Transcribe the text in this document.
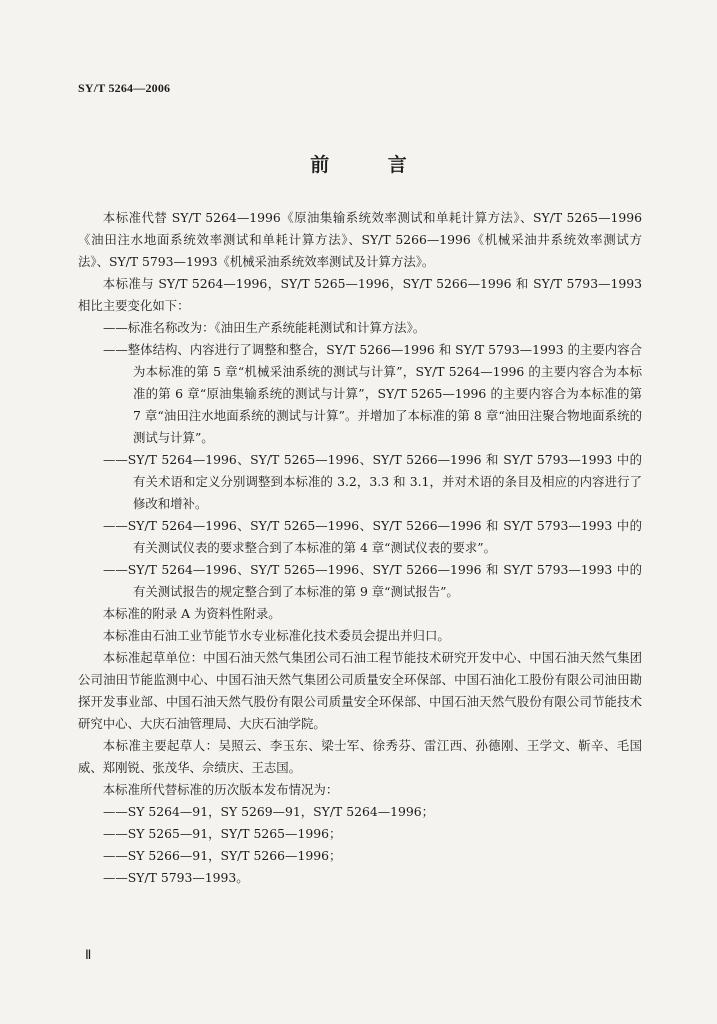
SY/T 5264—2006
前 言

本标准代替 SY/T 5264—1996《原油集输系统效率测试和单耗计算方法》、SY/T 5265—1996《油田注水地面系统效率测试和单耗计算方法》、SY/T 5266—1996《机械采油井系统效率测试方法》、SY/T 5793—1993《机械采油系统效率测试及计算方法》。

本标准与 SY/T 5264—1996，SY/T 5265—1996，SY/T 5266—1996 和 SY/T 5793—1993 相比主要变化如下：

——标准名称改为：《油田生产系统能耗测试和计算方法》。

——整体结构、内容进行了调整和整合，SY/T 5266—1996 和 SY/T 5793—1993 的主要内容合为本标准的第 5 章“机械采油系统的测试与计算”，SY/T 5264—1996 的主要内容合为本标准的第 6 章“原油集输系统的测试与计算”，SY/T 5265—1996 的主要内容合为本标准的第 7 章“油田注水地面系统的测试与计算”。并增加了本标准的第 8 章“油田注聚合物地面系统的测试与计算”。

——SY/T 5264—1996、SY/T 5265—1996、SY/T 5266—1996 和 SY/T 5793—1993 中的有关术语和定义分别调整到本标准的 3.2，3.3 和 3.1，并对术语的条目及相应的内容进行了修改和增补。

——SY/T 5264—1996、SY/T 5265—1996、SY/T 5266—1996 和 SY/T 5793—1993 中的有关测试仪表的要求整合到了本标准的第 4 章“测试仪表的要求”。

——SY/T 5264—1996、SY/T 5265—1996、SY/T 5266—1996 和 SY/T 5793—1993 中的有关测试报告的规定整合到了本标准的第 9 章“测试报告”。

本标准的附录 A 为资料性附录。

本标准由石油工业节能节水专业标准化技术委员会提出并归口。

本标准起草单位：中国石油天然气集团公司石油工程节能技术研究开发中心、中国石油天然气集团公司油田节能监测中心、中国石油天然气集团公司质量安全环保部、中国石油化工股份有限公司油田勘探开发事业部、中国石油天然气股份有限公司质量安全环保部、中国石油天然气股份有限公司节能技术研究中心、大庆石油管理局、大庆石油学院。

本标准主要起草人：吴照云、李玉东、梁士军、徐秀芬、雷江西、孙德刚、王学文、靳辛、毛国威、郑刚锐、张茂华、佘绩庆、王志国。

本标准所代替标准的历次版本发布情况为：

——SY 5264—91，SY 5269—91，SY/T 5264—1996；

——SY 5265—91，SY/T 5265—1996；

——SY 5266—91，SY/T 5266—1996；

——SY/T 5793—1993。

Ⅱ
